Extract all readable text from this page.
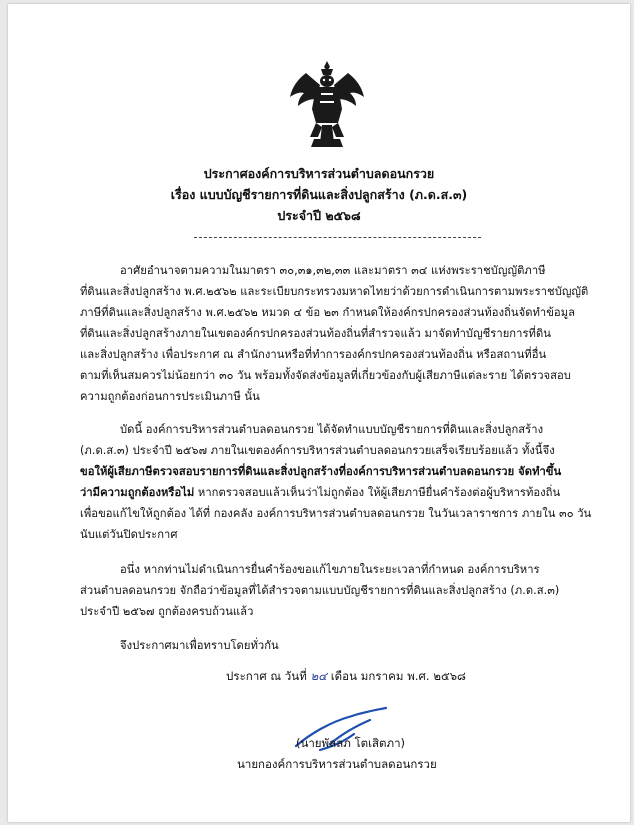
ประกาศองค์การบริหารส่วนตำบลดอนกรวย
เรื่อง แบบบัญชีรายการที่ดินและสิ่งปลูกสร้าง (ภ.ด.ส.๓)
ประจำปี ๒๕๖๘
อาศัยอำนาจตามความในมาตรา ๓๐,๓๑,๓๒,๓๓ และมาตรา ๓๔ แห่งพระราชบัญญัติภาษี
ที่ดินและสิ่งปลูกสร้าง พ.ศ.๒๕๖๒ และระเบียบกระทรวงมหาดไทยว่าด้วยการดำเนินการตามพระราชบัญญัติ
ภาษีที่ดินและสิ่งปลูกสร้าง พ.ศ.๒๕๖๒ หมวด ๔ ข้อ ๒๓ กำหนดให้องค์กรปกครองส่วนท้องถิ่นจัดทำข้อมูล
ที่ดินและสิ่งปลูกสร้างภายในเขตองค์กรปกครองส่วนท้องถิ่นที่สำรวจแล้ว มาจัดทำบัญชีรายการที่ดิน
และสิ่งปลูกสร้าง เพื่อประกาศ ณ สำนักงานหรือที่ทำการองค์กรปกครองส่วนท้องถิ่น หรือสถานที่อื่น
ตามที่เห็นสมควรไม่น้อยกว่า ๓๐ วัน พร้อมทั้งจัดส่งข้อมูลที่เกี่ยวข้องกับผู้เสียภาษีแต่ละราย ได้ตรวจสอบ
ความถูกต้องก่อนการประเมินภาษี นั้น
บัดนี้ องค์การบริหารส่วนตำบลดอนกรวย ได้จัดทำแบบบัญชีรายการที่ดินและสิ่งปลูกสร้าง
(ภ.ด.ส.๓) ประจำปี ๒๕๖๗ ภายในเขตองค์การบริหารส่วนตำบลดอนกรวยเสร็จเรียบร้อยแล้ว ทั้งนี้จึง
ขอให้ผู้เสียภาษีตรวจสอบรายการที่ดินและสิ่งปลูกสร้างที่องค์การบริหารส่วนตำบลดอนกรวย จัดทำขึ้น
ว่ามีความถูกต้องหรือไม่ หากตรวจสอบแล้วเห็นว่าไม่ถูกต้อง ให้ผู้เสียภาษียื่นคำร้องต่อผู้บริหารท้องถิ่น
เพื่อขอแก้ไขให้ถูกต้อง ได้ที่ กองคลัง องค์การบริหารส่วนตำบลดอนกรวย ในวันเวลาราชการ ภายใน ๓๐ วัน
นับแต่วันปิดประกาศ
อนึ่ง หากท่านไม่ดำเนินการยื่นคำร้องขอแก้ไขภายในระยะเวลาที่กำหนด องค์การบริหาร
ส่วนตำบลดอนกรวย จักถือว่าข้อมูลที่ได้สำรวจตามแบบบัญชีรายการที่ดินและสิ่งปลูกสร้าง (ภ.ด.ส.๓)
ประจำปี ๒๕๖๗ ถูกต้องครบถ้วนแล้ว
จึงประกาศมาเพื่อทราบโดยทั่วกัน
ประกาศ ณ วันที่ ๒๔ เดือน มกราคม พ.ศ. ๒๕๖๘
(นายพัลลภ โตเสิตภา)
นายกองค์การบริหารส่วนตำบลดอนกรวย
